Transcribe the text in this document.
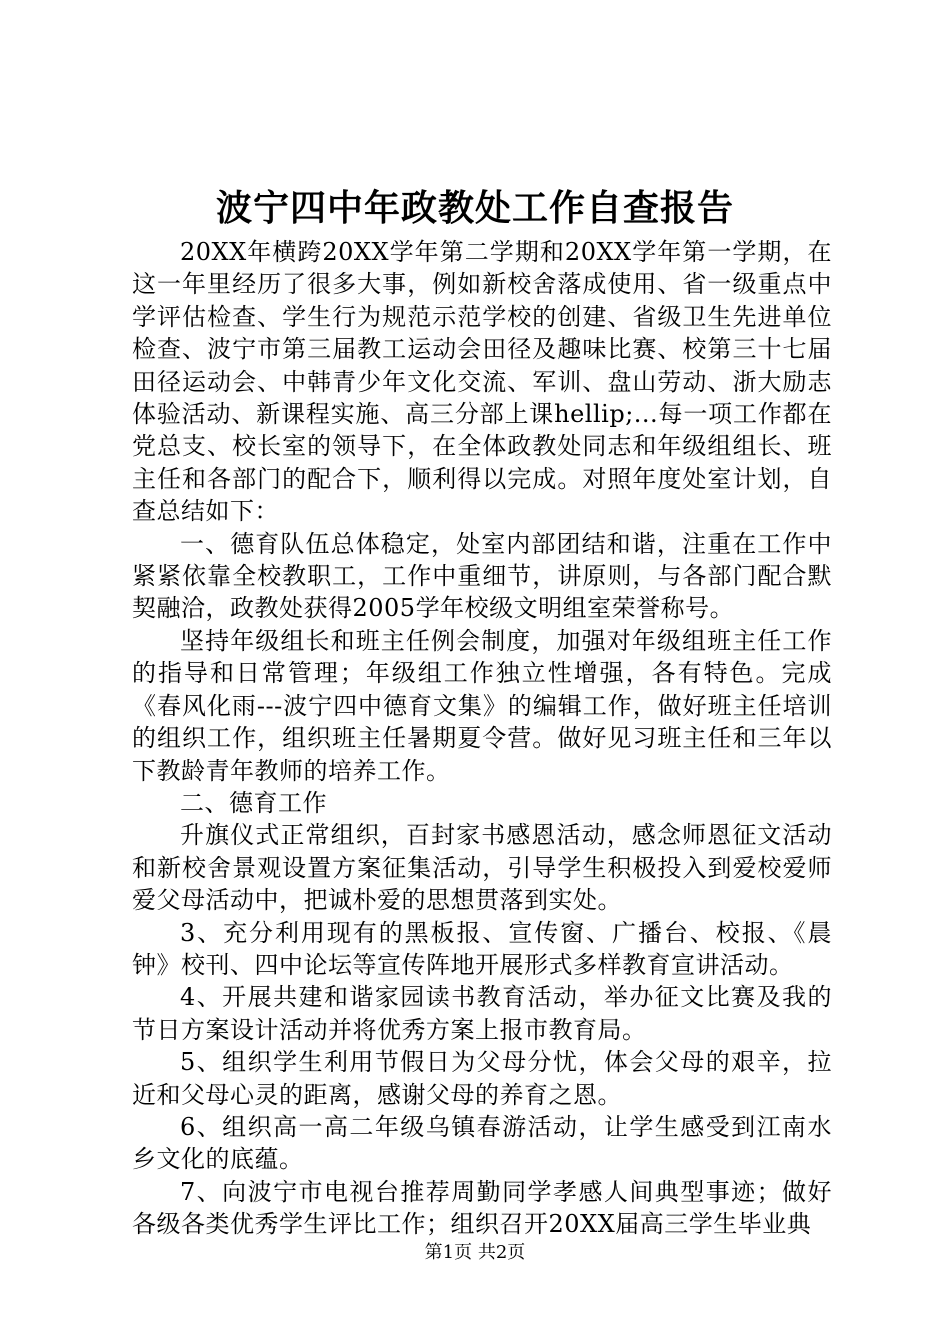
波宁四中年政教处工作自查报告

20XX年横跨20XX学年第二学期和20XX学年第一学期，在这一年里经历了很多大事，例如新校舍落成使用、省一级重点中学评估检查、学生行为规范示范学校的创建、省级卫生先进单位检查、波宁市第三届教工运动会田径及趣味比赛、校第三十七届田径运动会、中韩青少年文化交流、军训、盘山劳动、浙大励志体验活动、新课程实施、高三分部上课hellip;...每一项工作都在党总支、校长室的领导下，在全体政教处同志和年级组组长、班主任和各部门的配合下，顺利得以完成。对照年度处室计划，自查总结如下：

一、德育队伍总体稳定，处室内部团结和谐，注重在工作中紧紧依靠全校教职工，工作中重细节，讲原则，与各部门配合默契融洽，政教处获得2005学年校级文明组室荣誉称号。

坚持年级组长和班主任例会制度，加强对年级组班主任工作的指导和日常管理；年级组工作独立性增强，各有特色。完成《春风化雨---波宁四中德育文集》的编辑工作，做好班主任培训的组织工作，组织班主任暑期夏令营。做好见习班主任和三年以下教龄青年教师的培养工作。

二、德育工作

升旗仪式正常组织，百封家书感恩活动，感念师恩征文活动和新校舍景观设置方案征集活动，引导学生积极投入到爱校爱师爱父母活动中，把诚朴爱的思想贯落到实处。

3、充分利用现有的黑板报、宣传窗、广播台、校报、《晨钟》校刊、四中论坛等宣传阵地开展形式多样教育宣讲活动。

4、开展共建和谐家园读书教育活动，举办征文比赛及我的节日方案设计活动并将优秀方案上报市教育局。

5、组织学生利用节假日为父母分忧，体会父母的艰辛，拉近和父母心灵的距离，感谢父母的养育之恩。

6、组织高一高二年级乌镇春游活动，让学生感受到江南水乡文化的底蕴。

7、向波宁市电视台推荐周勤同学孝感人间典型事迹；做好各级各类优秀学生评比工作；组织召开20XX届高三学生毕业典

第1页 共2页
